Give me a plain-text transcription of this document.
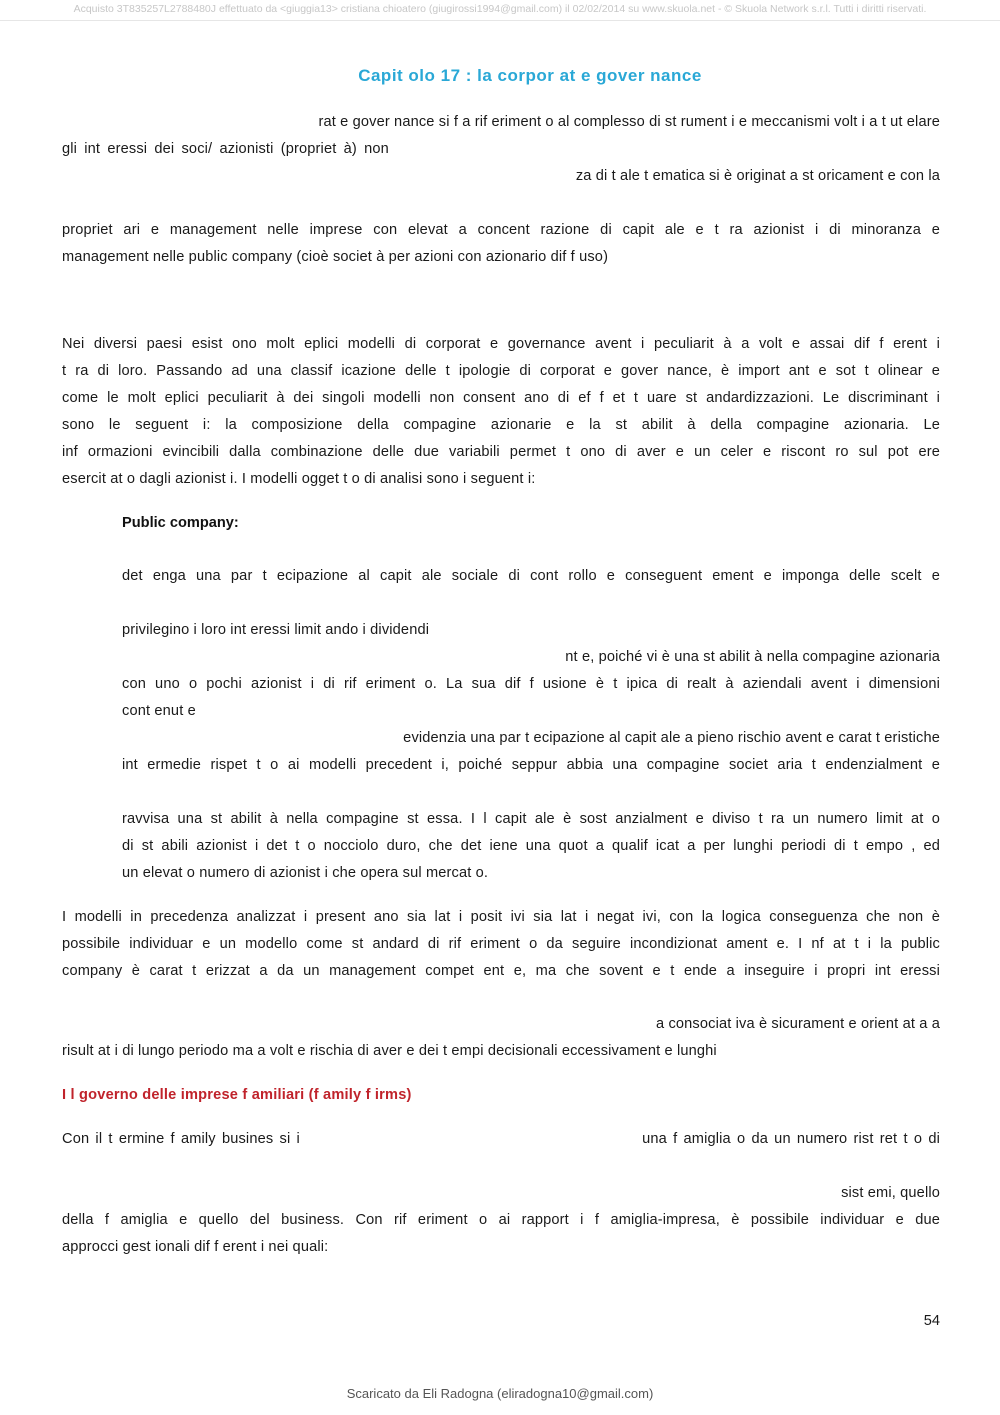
Acquisto 3T835257L2788480J effettuato da <giuggia13> cristiana chioatero (giugirossi1994@gmail.com) il 02/02/2014 su www.skuola.net - © Skuola Network s.r.l. Tutti i diritti riservati.
Capit olo 17 : la corpor at e gover nance
rat e gover nance si f a rif eriment o al complesso di st rument i e meccanismi volt i a t ut elare
gli int eressi dei soci/ azionisti (propriet à) non
za di t ale t ematica si è originat a st oricament e con la
propriet ari e management nelle imprese con elevat a concent razione di capit ale e t ra azionist i di minoranza e
management nelle public company (cioè societ à per azioni con azionario dif f uso)
Nei diversi paesi esist ono molt eplici modelli di corporat e governance avent i peculiarit à a volt e assai dif f erent i
t ra di loro. Passando ad una classif icazione delle t ipologie di corporat e gover nance, è import ant e sot t olinear e
come le molt eplici peculiarit à dei singoli modelli non consent ano di ef f et t uare st andardizzazioni. Le discriminant i
sono le seguent i: la composizione della compagine azionarie e la st abilit à della compagine azionaria. Le
inf ormazioni evincibili dalla combinazione delle due variabili permet t ono di aver e un celer e riscont ro sul pot ere
esercit at o dagli azionist i. I modelli ogget t o di analisi sono i seguent i:
Public company:
det enga una par t ecipazione al capit ale sociale di cont rollo e conseguent ement e imponga delle scelt e
privilegino i loro int eressi limit ando i dividendi
nt e, poiché vi è una st abilit à nella compagine azionaria
con uno o pochi azionist i di rif eriment o. La sua dif f usione è t ipica di realt à aziendali avent i dimensioni
cont enut e
evidenzia una par t ecipazione al capit ale a pieno rischio avent e carat t eristiche
int ermedie rispet t o ai modelli precedent i, poiché seppur abbia una compagine societ aria t endenzialment e
ravvisa una st abilit à nella compagine st essa. I l capit ale è sost anzialment e diviso t ra un numero limit at o
di st abili azionist i det t o nocciolo duro, che det iene una quot a qualif icat a per lunghi periodi di t empo , ed
un elevat o numero di azionist i che opera sul mercat o.
I modelli in precedenza analizzat i present ano sia lat i posit ivi sia lat i negat ivi, con la logica conseguenza che non è
possibile individuar e un modello come st andard di rif eriment o da seguire incondizionat ament e. I nf at t i la public
company è carat t erizzat a da un management compet ent e, ma che sovent e t ende a inseguire i propri int eressi
a consociat iva è sicurament e orient at a a
risult at i di lungo periodo ma a volt e rischia di aver e dei t empi decisionali eccessivament e lunghi
I l governo delle imprese f amiliari (f amily f irms)
Con il t ermine f amily busines si i	una f amiglia o da un numero rist ret t o di
sist emi, quello
della f amiglia e quello del business. Con rif eriment o ai rapport i f amiglia-impresa, è possibile individuar e due
approcci gest ionali dif f erent i nei quali:
54
Scaricato da Eli Radogna (eliradogna10@gmail.com)
